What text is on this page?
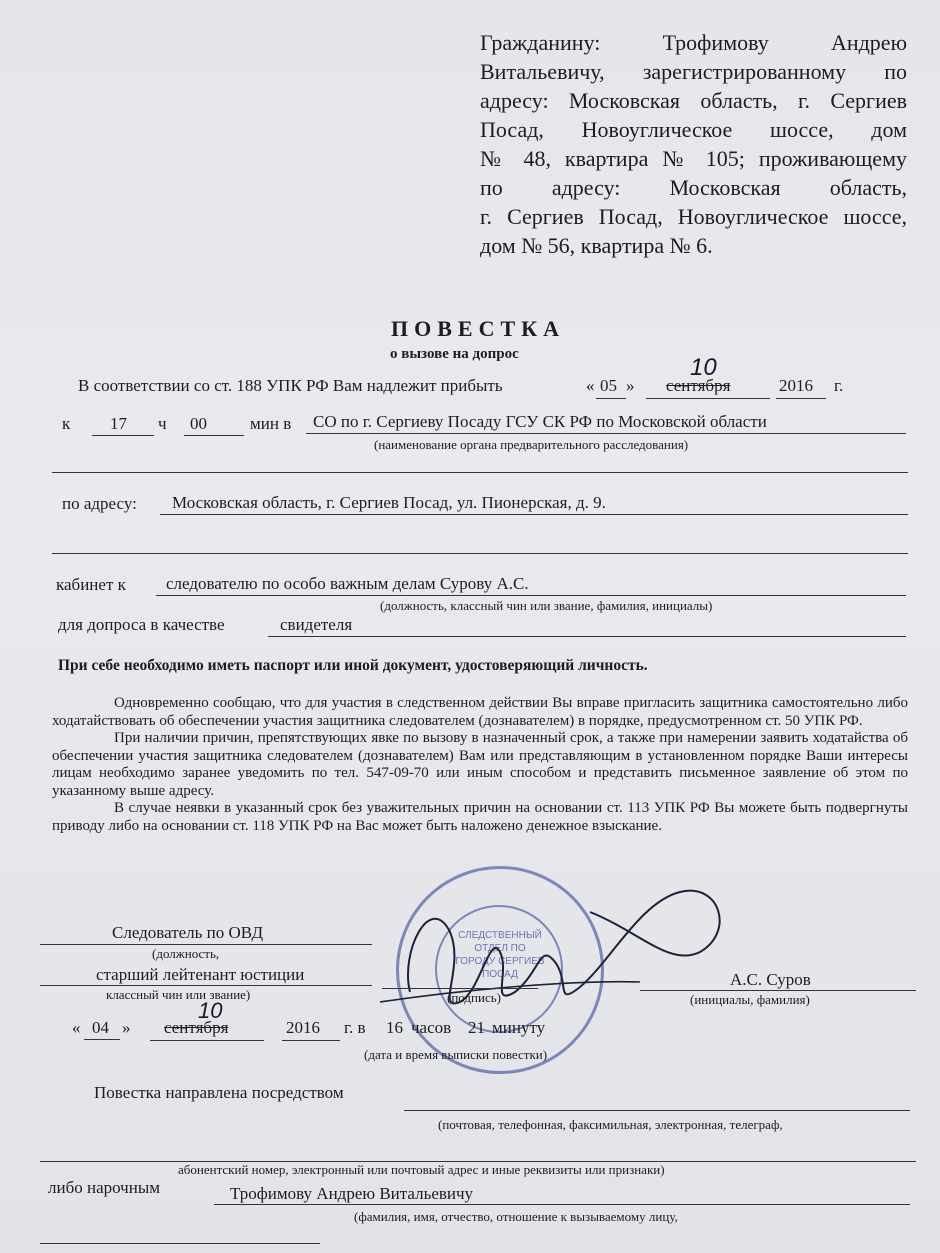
Гражданину: Трофимову Андрею
Витальевичу, зарегистрированному по
адресу: Московская область, г. Сергиев
Посад, Новоуглическое шоссе, дом
№ 48, квартира № 105; проживающему
по адресу: Московская область,
г. Сергиев Посад, Новоуглическое шоссе,
дом № 56, квартира № 6.
ПОВЕСТКА
о вызове на допрос
В соответствии со ст. 188 УПК РФ Вам надлежит прибыть	« 05 » сентября
10
2016 г.
к 17 ч 00	мин в СО по г. Сергиеву Посаду ГСУ СК РФ по Московской области
(наименование органа предварительного расследования)
по адресу: Московская область, г. Сергиев Посад, ул. Пионерская, д. 9.
кабинет к следователю по особо важным делам Сурову А.С.
(должность, классный чин или звание, фамилия, инициалы)
для допроса в качестве	свидетеля
При себе необходимо иметь паспорт или иной документ, удостоверяющий личность.

Одновременно сообщаю, что для участия в следственном действии Вы вправе пригласить защитника самостоятельно либо ходатайствовать об обеспечении участия защитника следователем (дознавателем) в порядке, предусмотренном ст. 50 УПК РФ.

При наличии причин, препятствующих явке по вызову в назначенный срок, а также при намерении заявить ходатайства об обеспечении участия защитника следователем (дознавателем) Вам или представляющим в установленном порядке Ваши интересы лицам необходимо заранее уведомить по тел. 547-09-70 или иным способом и представить письменное заявление об этом по указанному выше адресу.

В случае неявки в указанный срок без уважительных причин на основании ст. 113 УПК РФ Вы можете быть подвергнуты приводу либо на основании ст. 118 УПК РФ на Вас может быть наложено денежное взыскание.

СЛЕДСТВЕННЫЙ ОТДЕЛ ПО ГОРОДУ СЕРГИЕВ ПОСАД
Следователь по ОВД
(должность,
старший лейтенант юстиции
классный чин или звание)	(подпись)
А.С. Суров
(инициалы, фамилия)
« 04 » сентября
10
2016 г. в 16 часов 21 минуту
(дата и время выписки повестки)
Повестка направлена посредством
(почтовая, телефонная, факсимильная, электронная, телеграф,
абонентский номер, электронный или почтовый адрес и иные реквизиты или признаки)
либо нарочным	Трофимову Андрею Витальевичу
(фамилия, имя, отчество, отношение к вызываемому лицу,
